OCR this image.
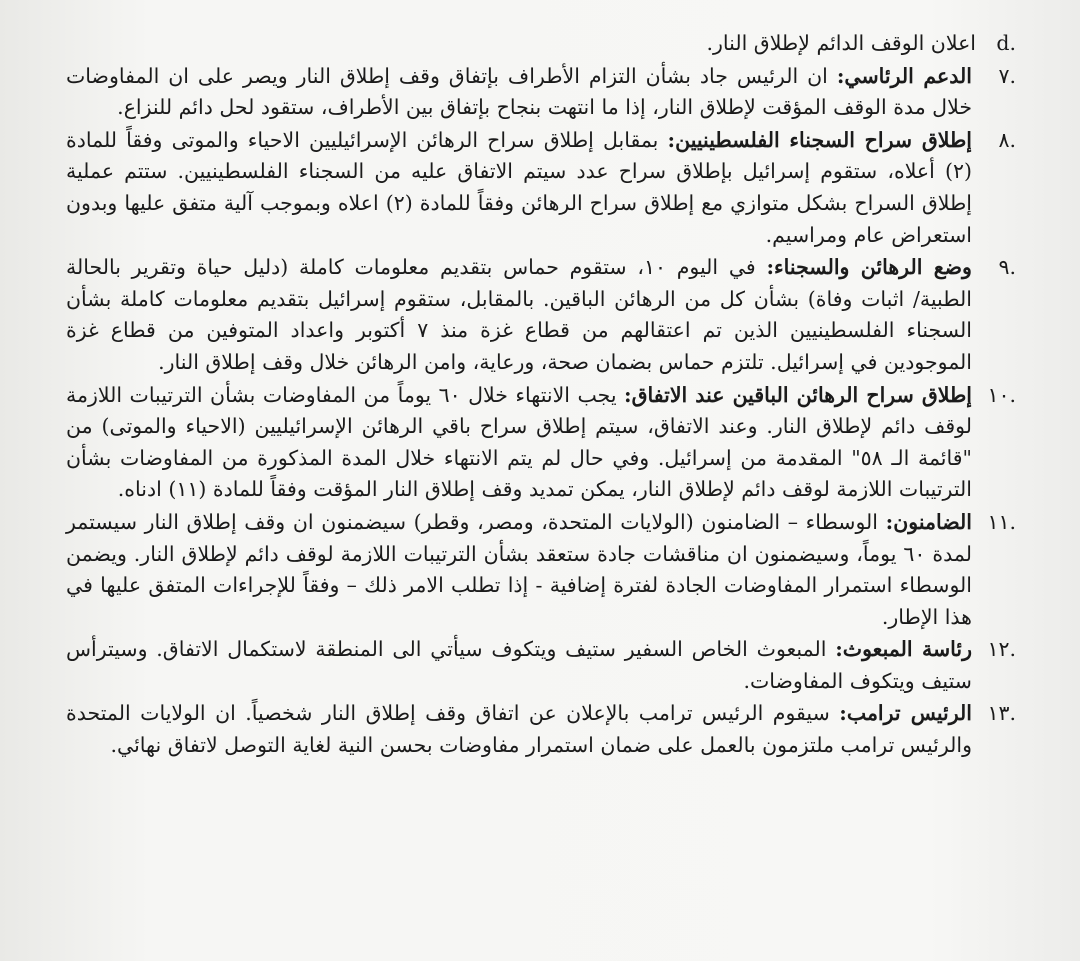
d.
اعلان الوقف الدائم لإطلاق النار.

٧.
الدعم الرئاسي: ان الرئيس جاد بشأن التزام الأطراف بإتفاق وقف إطلاق النار ويصر على ان المفاوضات خلال مدة الوقف المؤقت لإطلاق النار، إذا ما انتهت بنجاح بإتفاق بين الأطراف، ستقود لحل دائم للنزاع.

٨.
إطلاق سراح السجناء الفلسطينيين: بمقابل إطلاق سراح الرهائن الإسرائيليين الاحياء والموتى وفقاً للمادة (٢) أعلاه، ستقوم إسرائيل بإطلاق سراح عدد سيتم الاتفاق عليه من السجناء الفلسطينيين. ستتم عملية إطلاق السراح بشكل متوازي مع إطلاق سراح الرهائن وفقاً للمادة (٢) اعلاه وبموجب آلية متفق عليها وبدون استعراض عام ومراسيم.

٩.
وضع الرهائن والسجناء: في اليوم ١٠، ستقوم حماس بتقديم معلومات كاملة (دليل حياة وتقرير بالحالة الطبية/ اثبات وفاة) بشأن كل من الرهائن الباقين. بالمقابل، ستقوم إسرائيل بتقديم معلومات كاملة بشأن السجناء الفلسطينيين الذين تم اعتقالهم من قطاع غزة منذ ٧ أكتوبر واعداد المتوفين من قطاع غزة الموجودين في إسرائيل. تلتزم حماس بضمان صحة، ورعاية، وامن الرهائن خلال وقف إطلاق النار.

١٠.
إطلاق سراح الرهائن الباقين عند الاتفاق: يجب الانتهاء خلال ٦٠ يوماً من المفاوضات بشأن الترتيبات اللازمة لوقف دائم لإطلاق النار. وعند الاتفاق، سيتم إطلاق سراح باقي الرهائن الإسرائيليين (الاحياء والموتى) من "قائمة الـ ٥٨" المقدمة من إسرائيل. وفي حال لم يتم الانتهاء خلال المدة المذكورة من المفاوضات بشأن الترتيبات اللازمة لوقف دائم لإطلاق النار، يمكن تمديد وقف إطلاق النار المؤقت وفقاً للمادة (١١) ادناه.

١١.
الضامنون: الوسطاء – الضامنون (الولايات المتحدة، ومصر، وقطر) سيضمنون ان وقف إطلاق النار سيستمر لمدة ٦٠ يوماً، وسيضمنون ان مناقشات جادة ستعقد بشأن الترتيبات اللازمة لوقف دائم لإطلاق النار. ويضمن الوسطاء استمرار المفاوضات الجادة لفترة إضافية - إذا تطلب الامر ذلك – وفقاً للإجراءات المتفق عليها في هذا الإطار.

١٢.
رئاسة المبعوث: المبعوث الخاص السفير ستيف ويتكوف سيأتي الى المنطقة لاستكمال الاتفاق. وسيترأس ستيف ويتكوف المفاوضات.

١٣.
الرئيس ترامب: سيقوم الرئيس ترامب بالإعلان عن اتفاق وقف إطلاق النار شخصياً. ان الولايات المتحدة والرئيس ترامب ملتزمون بالعمل على ضمان استمرار مفاوضات بحسن النية لغاية التوصل لاتفاق نهائي.
